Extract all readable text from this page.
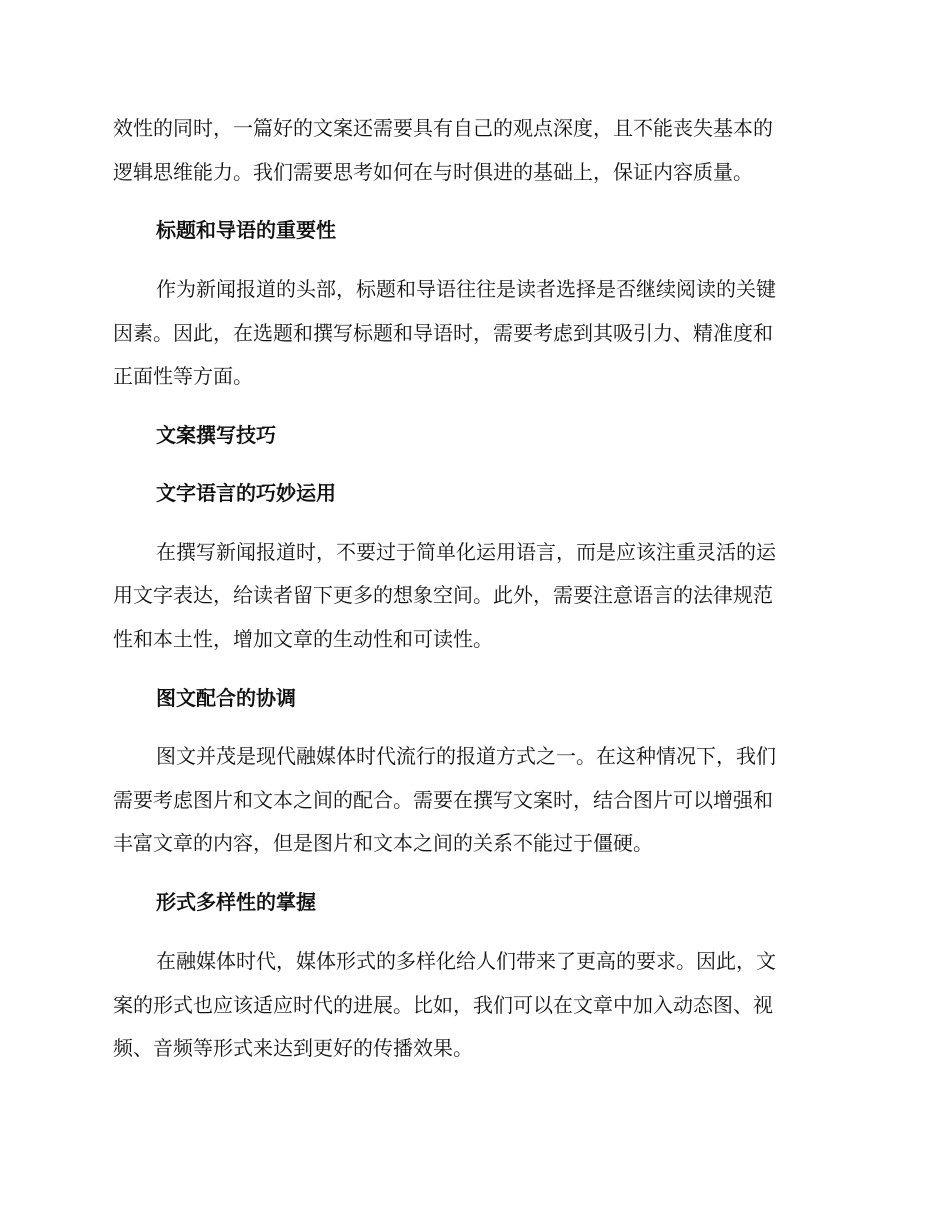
效性的同时，一篇好的文案还需要具有自己的观点深度，且不能丧失基本的
逻辑思维能力。我们需要思考如何在与时俱进的基础上，保证内容质量。
标题和导语的重要性
作为新闻报道的头部，标题和导语往往是读者选择是否继续阅读的关键
因素。因此，在选题和撰写标题和导语时，需要考虑到其吸引力、精准度和
正面性等方面。
文案撰写技巧
文字语言的巧妙运用
在撰写新闻报道时，不要过于简单化运用语言，而是应该注重灵活的运
用文字表达，给读者留下更多的想象空间。此外，需要注意语言的法律规范
性和本土性，增加文章的生动性和可读性。
图文配合的协调
图文并茂是现代融媒体时代流行的报道方式之一。在这种情况下，我们
需要考虑图片和文本之间的配合。需要在撰写文案时，结合图片可以增强和
丰富文章的内容，但是图片和文本之间的关系不能过于僵硬。
形式多样性的掌握
在融媒体时代，媒体形式的多样化给人们带来了更高的要求。因此，文
案的形式也应该适应时代的进展。比如，我们可以在文章中加入动态图、视
频、音频等形式来达到更好的传播效果。
